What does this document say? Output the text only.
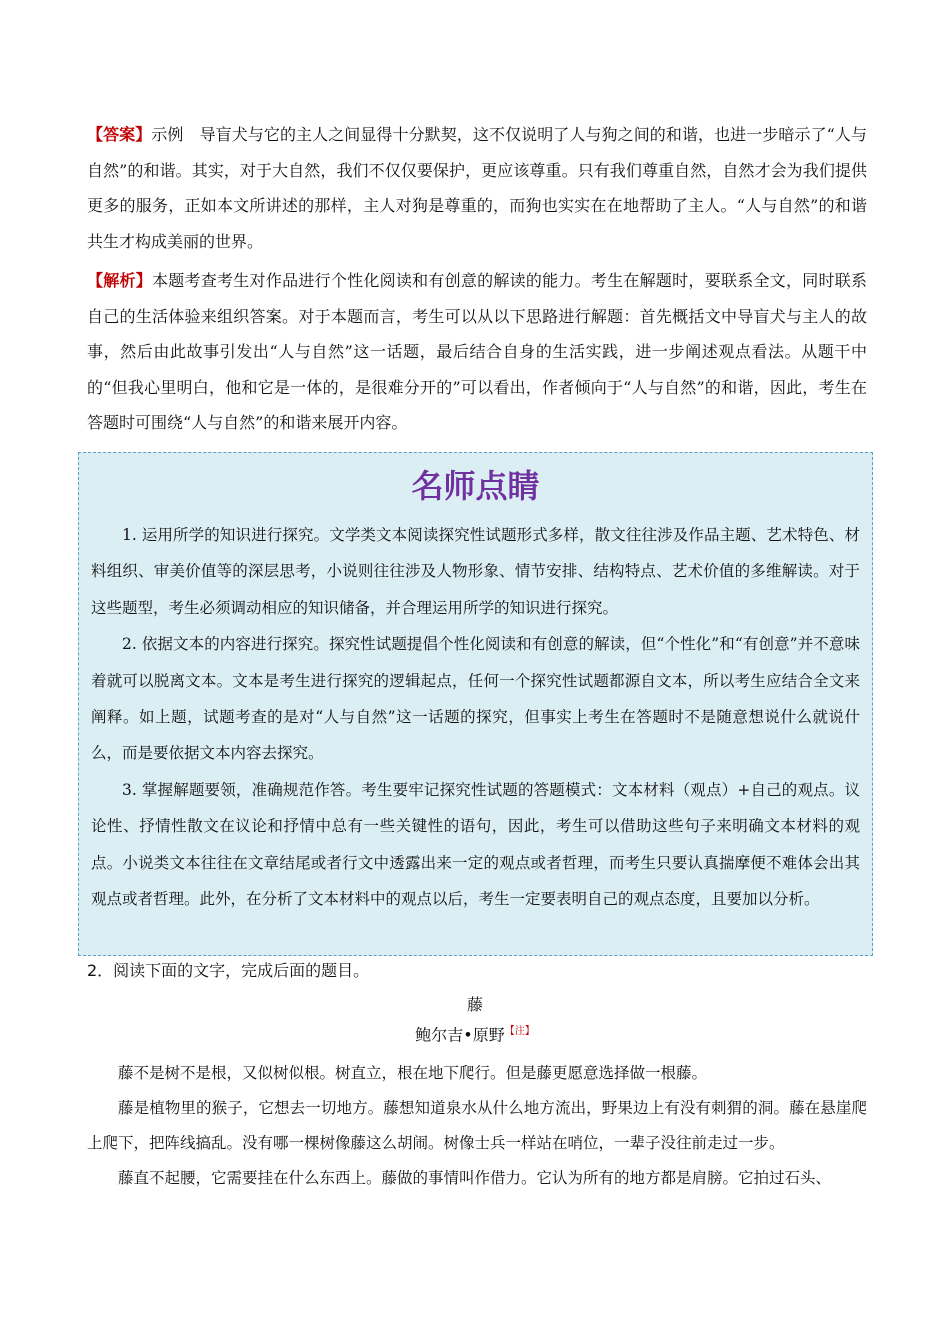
【答案】示例　导盲犬与它的主人之间显得十分默契，这不仅说明了人与狗之间的和谐，也进一步暗示了“人与自然”的和谐。其实，对于大自然，我们不仅仅要保护，更应该尊重。只有我们尊重自然，自然才会为我们提供更多的服务，正如本文所讲述的那样，主人对狗是尊重的，而狗也实实在在地帮助了主人。“人与自然”的和谐共生才构成美丽的世界。

【解析】本题考查考生对作品进行个性化阅读和有创意的解读的能力。考生在解题时，要联系全文，同时联系自己的生活体验来组织答案。对于本题而言，考生可以从以下思路进行解题：首先概括文中导盲犬与主人的故事，然后由此故事引发出“人与自然”这一话题，最后结合自身的生活实践，进一步阐述观点看法。从题干中的“但我心里明白，他和它是一体的，是很难分开的”可以看出，作者倾向于“人与自然”的和谐，因此，考生在答题时可围绕“人与自然”的和谐来展开内容。

名师点睛

1. 运用所学的知识进行探究。文学类文本阅读探究性试题形式多样，散文往往涉及作品主题、艺术特色、材料组织、审美价值等的深层思考，小说则往往涉及人物形象、情节安排、结构特点、艺术价值的多维解读。对于这些题型，考生必须调动相应的知识储备，并合理运用所学的知识进行探究。

2. 依据文本的内容进行探究。探究性试题提倡个性化阅读和有创意的解读，但“个性化”和“有创意”并不意味着就可以脱离文本。文本是考生进行探究的逻辑起点，任何一个探究性试题都源自文本，所以考生应结合全文来阐释。如上题，试题考查的是对“人与自然”这一话题的探究，但事实上考生在答题时不是随意想说什么就说什么，而是要依据文本内容去探究。

3. 掌握解题要领，准确规范作答。考生要牢记探究性试题的答题模式：文本材料（观点）+自己的观点。议论性、抒情性散文在议论和抒情中总有一些关键性的语句，因此，考生可以借助这些句子来明确文本材料的观点。小说类文本往往在文章结尾或者行文中透露出来一定的观点或者哲理，而考生只要认真揣摩便不难体会出其观点或者哲理。此外，在分析了文本材料中的观点以后，考生一定要表明自己的观点态度，且要加以分析。

2．阅读下面的文字，完成后面的题目。

藤

鲍尔吉•原野$^{【注】}$

藤不是树不是根，又似树似根。树直立，根在地下爬行。但是藤更愿意选择做一根藤。

藤是植物里的猴子，它想去一切地方。藤想知道泉水从什么地方流出，野果边上有没有刺猬的洞。藤在悬崖爬上爬下，把阵线搞乱。没有哪一棵树像藤这么胡闹。树像士兵一样站在哨位，一辈子没往前走过一步。

藤直不起腰，它需要挂在什么东西上。藤做的事情叫作借力。它认为所有的地方都是肩膀。它拍过石头、
